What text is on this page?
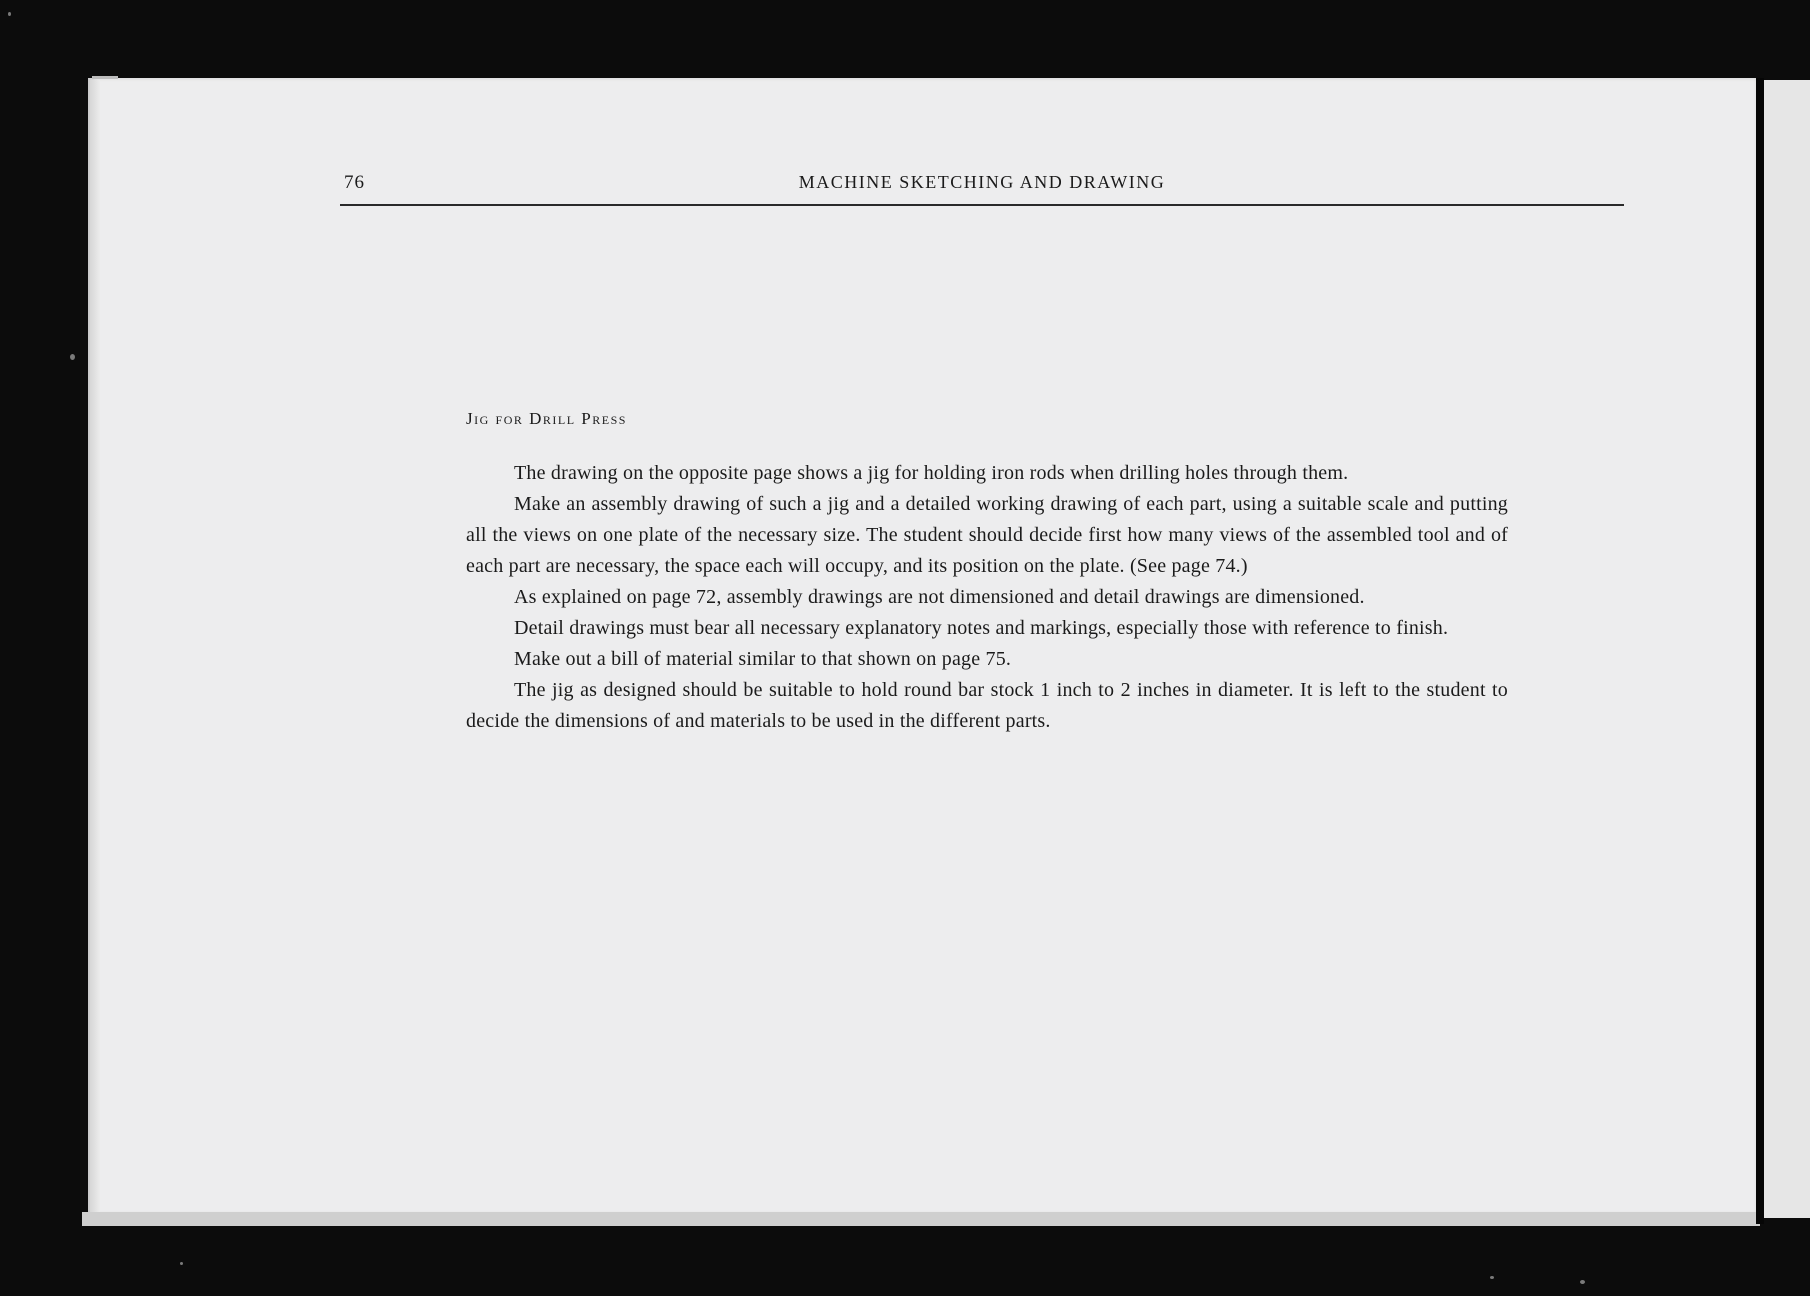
76	MACHINE SKETCHING AND DRAWING
Jig for Drill Press

The drawing on the opposite page shows a jig for holding iron rods when drilling holes through them.

Make an assembly drawing of such a jig and a detailed working drawing of each part, using a suitable scale and putting all the views on one plate of the necessary size. The student should decide first how many views of the assembled tool and of each part are necessary, the space each will occupy, and its position on the plate. (See page 74.)

As explained on page 72, assembly drawings are not dimensioned and detail drawings are dimensioned.

Detail drawings must bear all necessary explanatory notes and markings, especially those with reference to finish.

Make out a bill of material similar to that shown on page 75.

The jig as designed should be suitable to hold round bar stock 1 inch to 2 inches in diameter. It is left to the student to decide the dimensions of and materials to be used in the different parts.
